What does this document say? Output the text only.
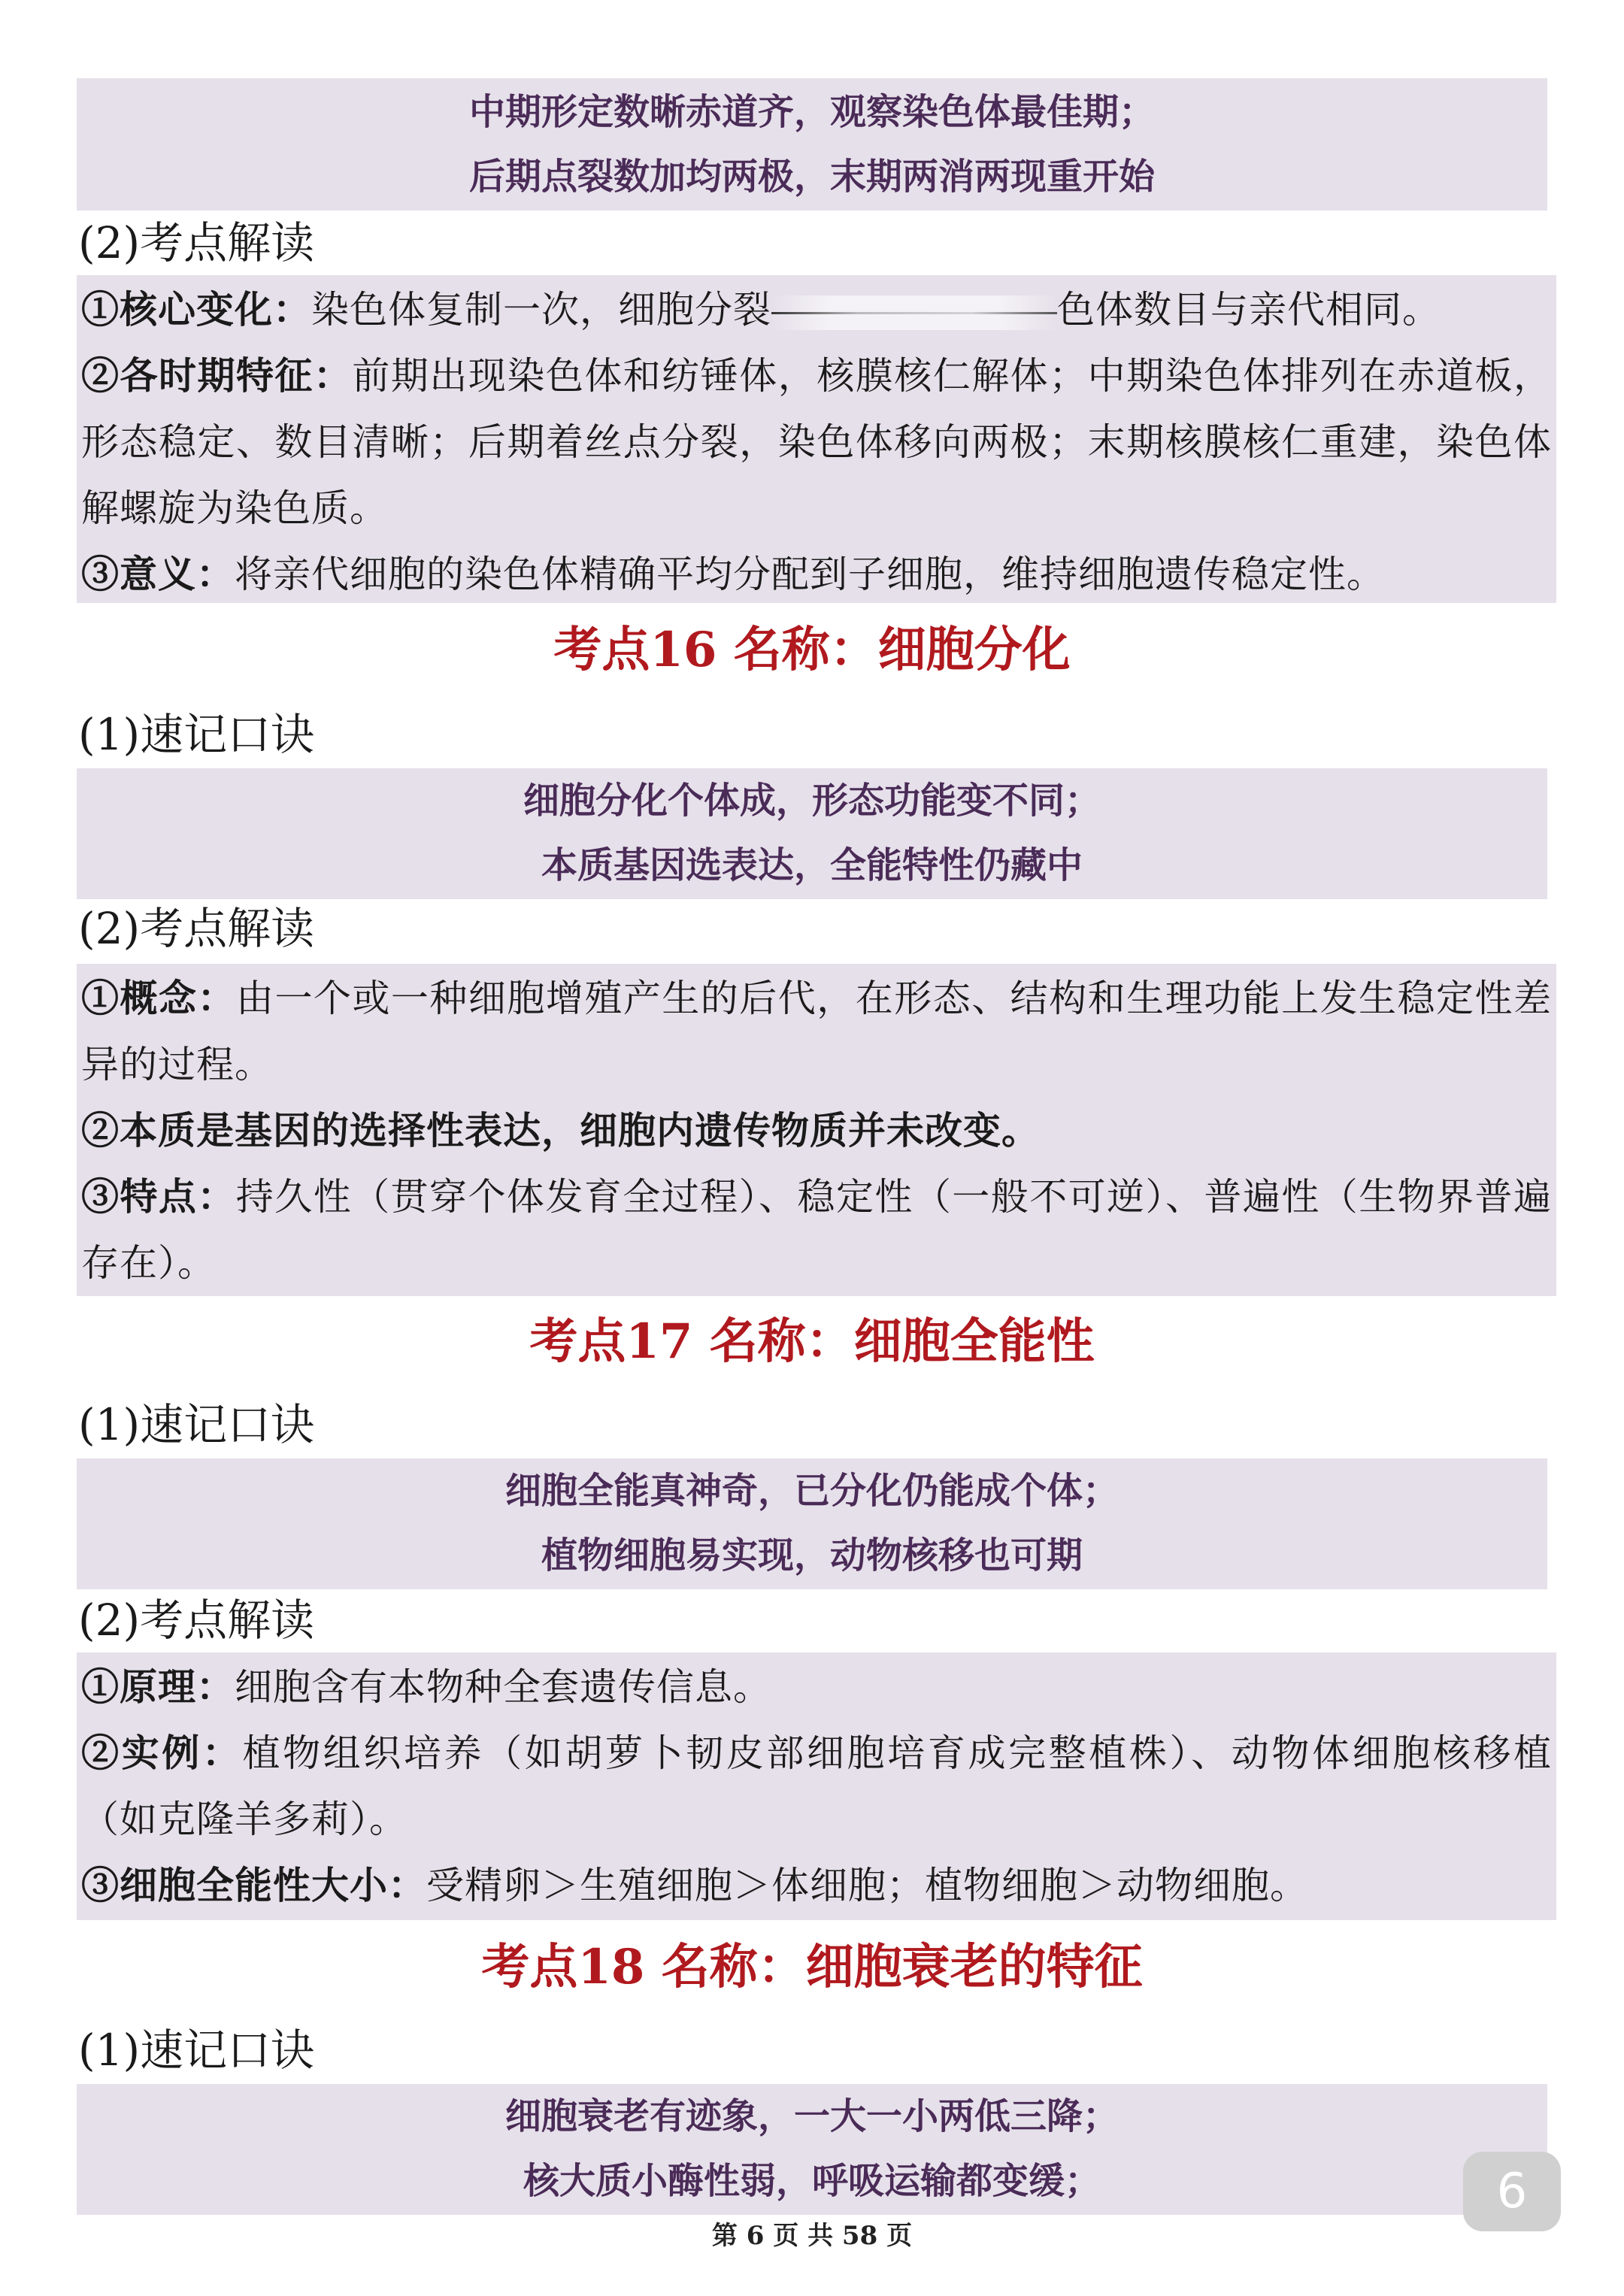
中期形定数晰赤道齐，观察染色体最佳期；
后期点裂数加均两极，末期两消两现重开始
(2)考点解读
①核心变化：染色体复制一次，细胞分裂	色体数目与亲代相同。
②各时期特征：前期出现染色体和纺锤体，核膜核仁解体；中期染色体排列在赤道板，形态稳定、数目清晰；后期着丝点分裂，染色体移向两极；末期核膜核仁重建，染色体解螺旋为染色质。
③意义：将亲代细胞的染色体精确平均分配到子细胞，维持细胞遗传稳定性。
考点16 名称：细胞分化
(1)速记口诀
细胞分化个体成，形态功能变不同；
本质基因选表达，全能特性仍藏中
(2)考点解读
①概念：由一个或一种细胞增殖产生的后代，在形态、结构和生理功能上发生稳定性差异的过程。
②本质是基因的选择性表达，细胞内遗传物质并未改变。
③特点：持久性（贯穿个体发育全过程）、稳定性（一般不可逆）、普遍性（生物界普遍存在）。
考点17 名称：细胞全能性
(1)速记口诀
细胞全能真神奇，已分化仍能成个体；
植物细胞易实现，动物核移也可期
(2)考点解读
①原理：细胞含有本物种全套遗传信息。
②实例：植物组织培养（如胡萝卜韧皮部细胞培育成完整植株）、动物体细胞核移植（如克隆羊多莉）。
③细胞全能性大小：受精卵＞生殖细胞＞体细胞；植物细胞＞动物细胞。
考点18 名称：细胞衰老的特征
(1)速记口诀
细胞衰老有迹象，一大一小两低三降；
核大质小酶性弱，呼吸运输都变缓；	6
第 6 页 共 58 页
